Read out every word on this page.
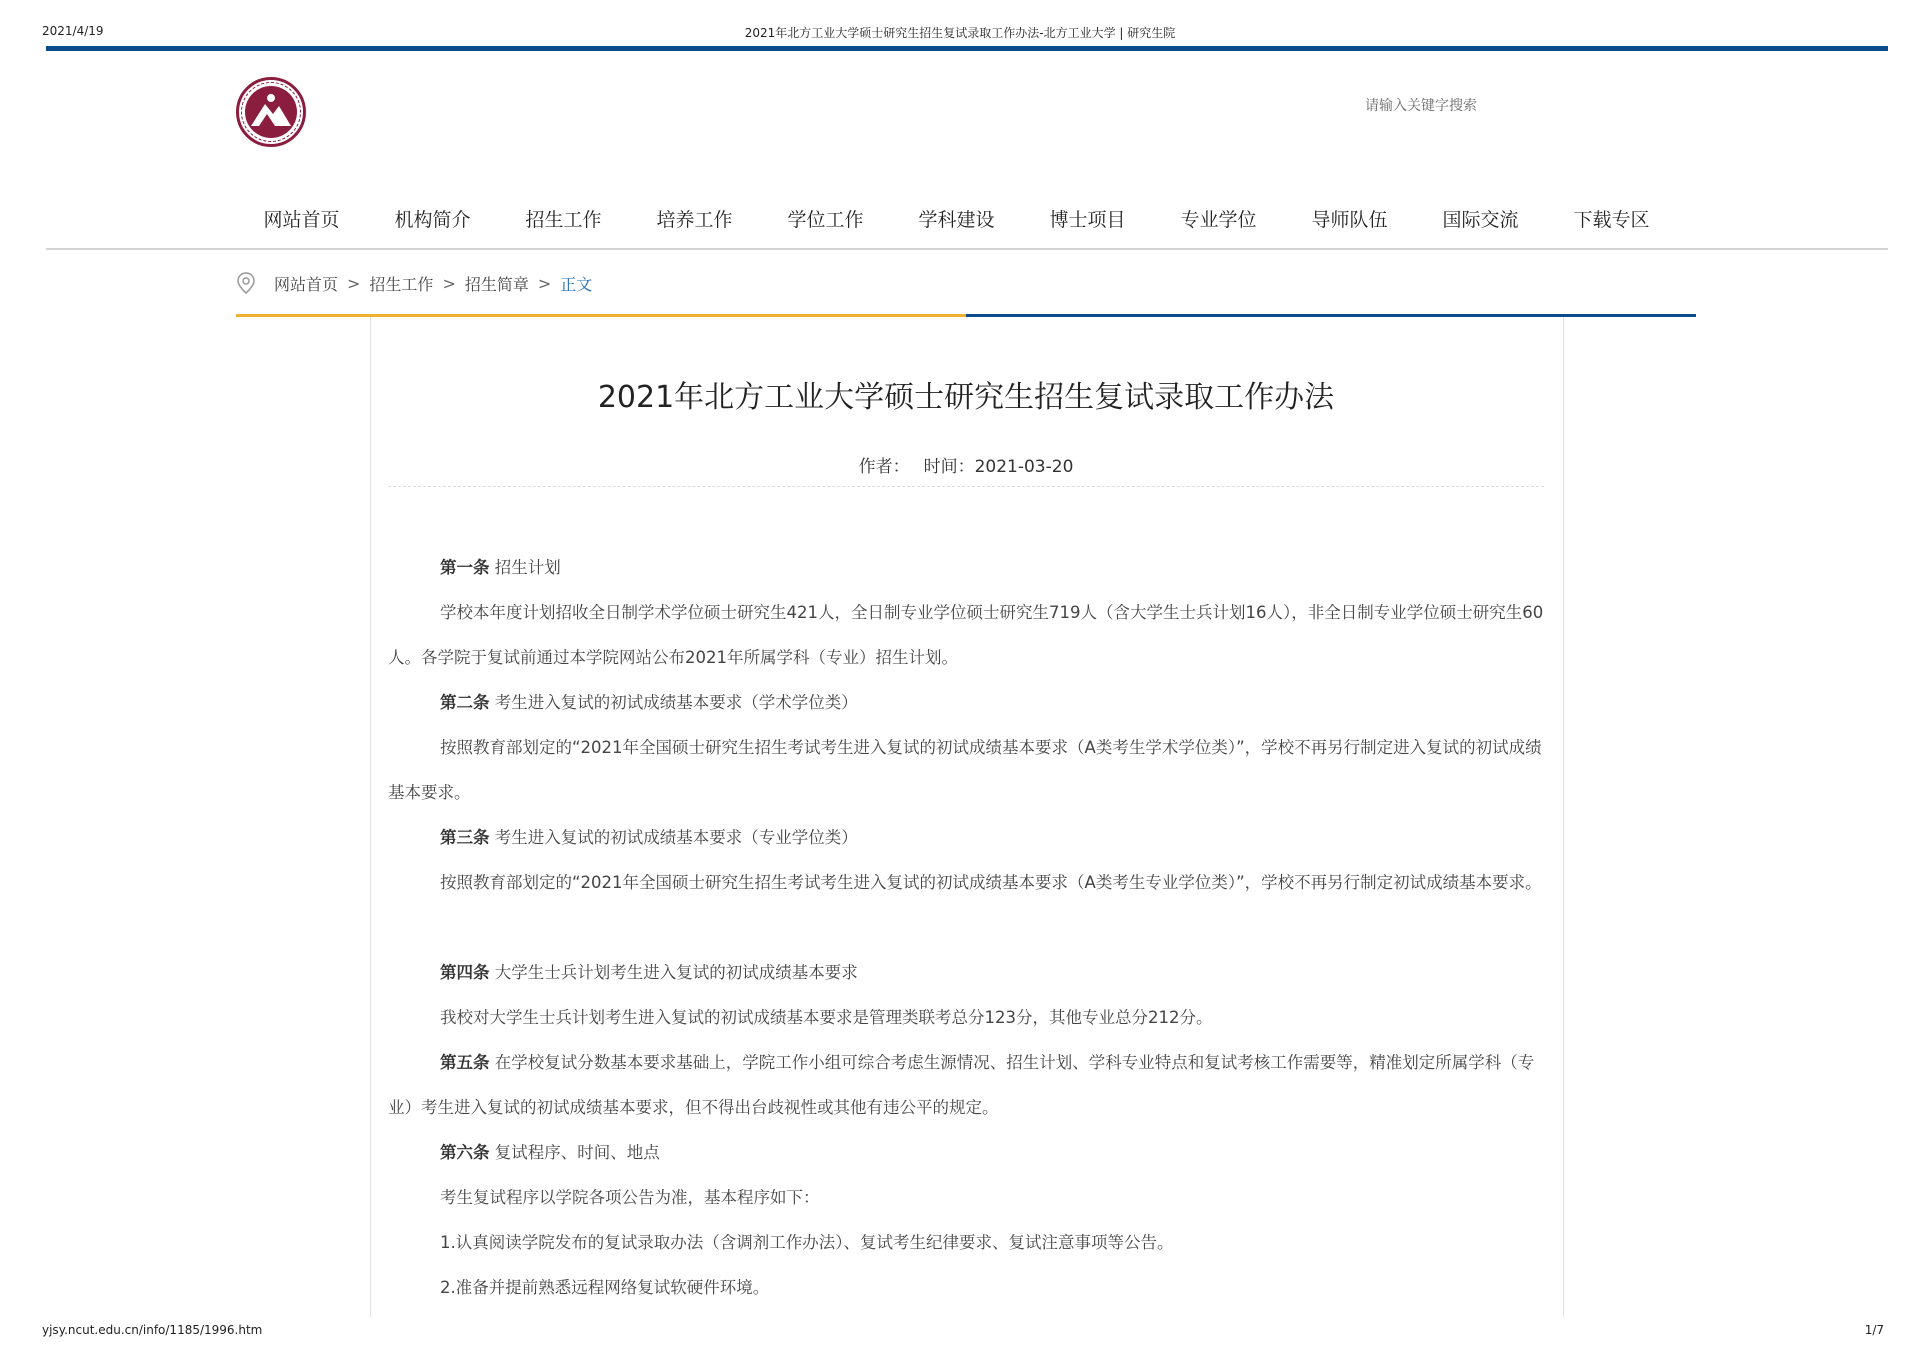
2021/4/19	2021年北方工业大学硕士研究生招生复试录取工作办法-北方工业大学 | 研究生院
请输入关键字搜索
网站首页	机构简介	招生工作	培养工作	学位工作	学科建设	博士项目	专业学位	导师队伍	国际交流	下载专区
网站首页 > 招生工作 > 招生简章 > 正文
2021年北方工业大学硕士研究生招生复试录取工作办法
作者： 时间：2021-03-20
第一条 招生计划
学校本年度计划招收全日制学术学位硕士研究生421人，全日制专业学位硕士研究生719人（含大学生士兵计划16人），非全日制专业学位硕士研究生60人。各学院于复试前通过本学院网站公布2021年所属学科（专业）招生计划。
第二条 考生进入复试的初试成绩基本要求（学术学位类）
按照教育部划定的“2021年全国硕士研究生招生考试考生进入复试的初试成绩基本要求（A类考生学术学位类）”，学校不再另行制定进入复试的初试成绩基本要求。
第三条 考生进入复试的初试成绩基本要求（专业学位类）
按照教育部划定的“2021年全国硕士研究生招生考试考生进入复试的初试成绩基本要求（A类考生专业学位类）”，学校不再另行制定初试成绩基本要求。
第四条 大学生士兵计划考生进入复试的初试成绩基本要求
我校对大学生士兵计划考生进入复试的初试成绩基本要求是管理类联考总分123分，其他专业总分212分。
第五条 在学校复试分数基本要求基础上，学院工作小组可综合考虑生源情况、招生计划、学科专业特点和复试考核工作需要等，精准划定所属学科（专业）考生进入复试的初试成绩基本要求，但不得出台歧视性或其他有违公平的规定。
第六条 复试程序、时间、地点
考生复试程序以学院各项公告为准，基本程序如下：
1.认真阅读学院发布的复试录取办法（含调剂工作办法）、复试考生纪律要求、复试注意事项等公告。
2.准备并提前熟悉远程网络复试软硬件环境。
yjsy.ncut.edu.cn/info/1185/1996.htm	1/7
